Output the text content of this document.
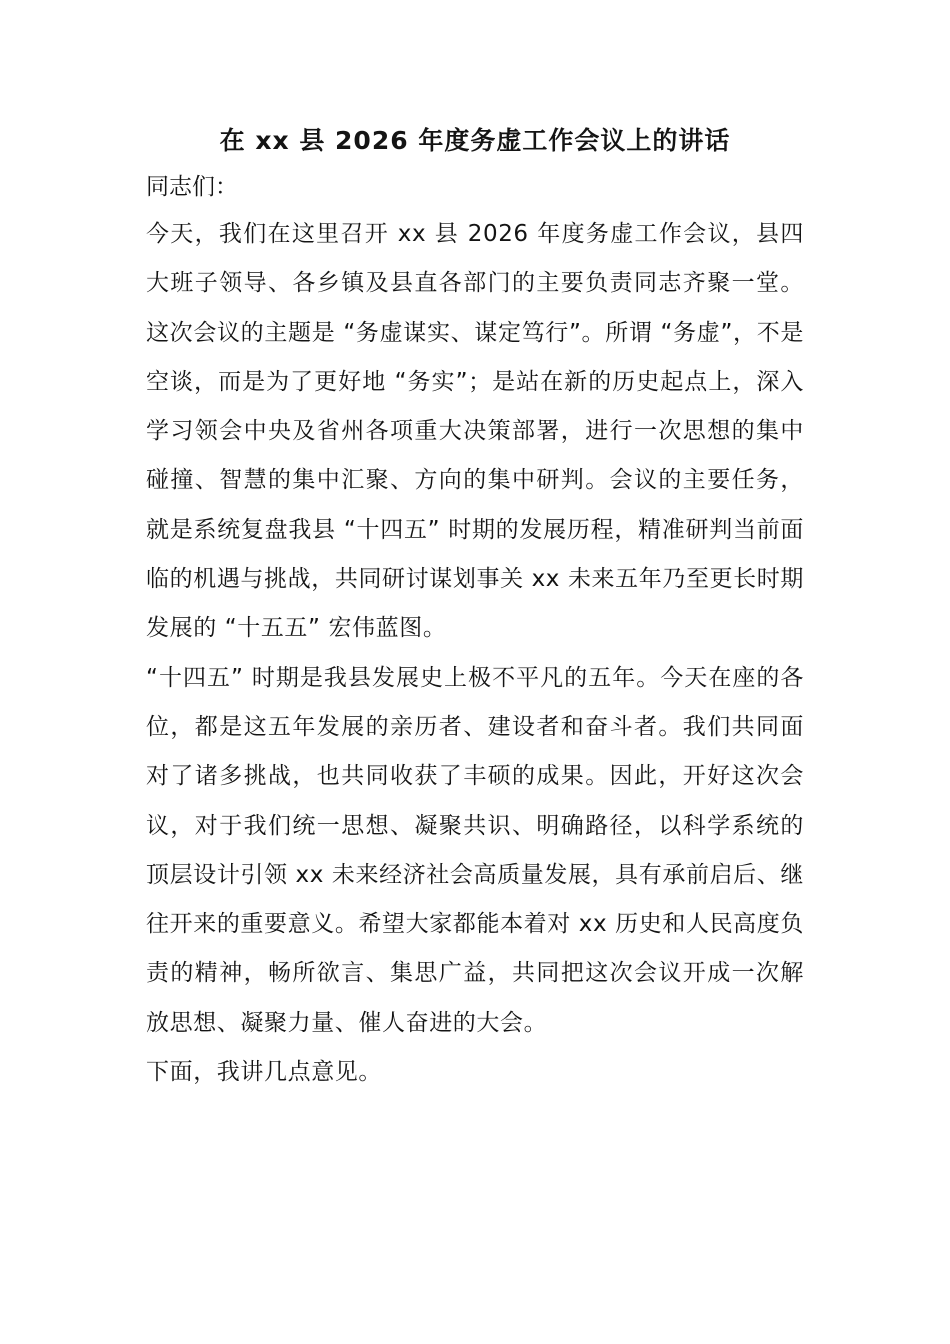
在 xx 县 2026 年度务虚工作会议上的讲话

同志们：

今天，我们在这里召开 xx 县 2026 年度务虚工作会议，县四大班子领导、各乡镇及县直各部门的主要负责同志齐聚一堂。这次会议的主题是 “务虚谋实、谋定笃行”。所谓 “务虚”，不是空谈，而是为了更好地 “务实”；是站在新的历史起点上，深入学习领会中央及省州各项重大决策部署，进行一次思想的集中碰撞、智慧的集中汇聚、方向的集中研判。会议的主要任务，就是系统复盘我县 “十四五” 时期的发展历程，精准研判当前面临的机遇与挑战，共同研讨谋划事关 xx 未来五年乃至更长时期发展的 “十五五” 宏伟蓝图。

“十四五” 时期是我县发展史上极不平凡的五年。今天在座的各位，都是这五年发展的亲历者、建设者和奋斗者。我们共同面对了诸多挑战，也共同收获了丰硕的成果。因此，开好这次会议，对于我们统一思想、凝聚共识、明确路径，以科学系统的顶层设计引领 xx 未来经济社会高质量发展，具有承前启后、继往开来的重要意义。希望大家都能本着对 xx 历史和人民高度负责的精神，畅所欲言、集思广益，共同把这次会议开成一次解放思想、凝聚力量、催人奋进的大会。

下面，我讲几点意见。
